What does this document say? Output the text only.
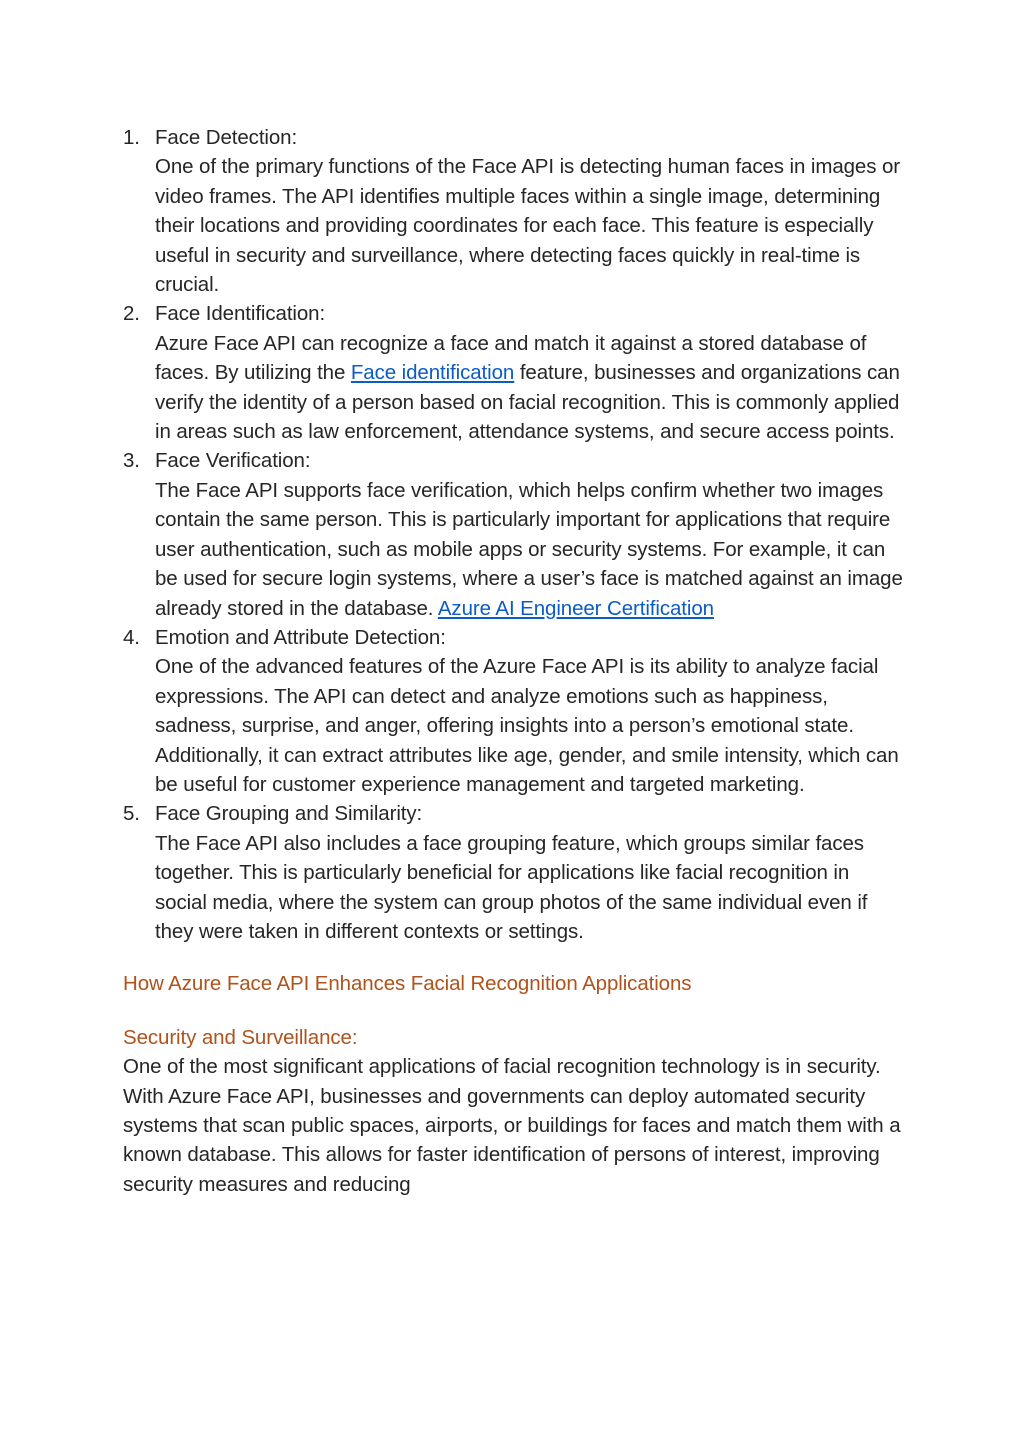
1. Face Detection:
One of the primary functions of the Face API is detecting human faces in images or video frames. The API identifies multiple faces within a single image, determining their locations and providing coordinates for each face. This feature is especially useful in security and surveillance, where detecting faces quickly in real-time is crucial.
2. Face Identification:
Azure Face API can recognize a face and match it against a stored database of faces. By utilizing the Face identification feature, businesses and organizations can verify the identity of a person based on facial recognition. This is commonly applied in areas such as law enforcement, attendance systems, and secure access points.
3. Face Verification:
The Face API supports face verification, which helps confirm whether two images contain the same person. This is particularly important for applications that require user authentication, such as mobile apps or security systems. For example, it can be used for secure login systems, where a user’s face is matched against an image already stored in the database. Azure AI Engineer Certification
4. Emotion and Attribute Detection:
One of the advanced features of the Azure Face API is its ability to analyze facial expressions. The API can detect and analyze emotions such as happiness, sadness, surprise, and anger, offering insights into a person’s emotional state. Additionally, it can extract attributes like age, gender, and smile intensity, which can be useful for customer experience management and targeted marketing.
5. Face Grouping and Similarity:
The Face API also includes a face grouping feature, which groups similar faces together. This is particularly beneficial for applications like facial recognition in social media, where the system can group photos of the same individual even if they were taken in different contexts or settings.
How Azure Face API Enhances Facial Recognition Applications
Security and Surveillance:
One of the most significant applications of facial recognition technology is in security. With Azure Face API, businesses and governments can deploy automated security systems that scan public spaces, airports, or buildings for faces and match them with a known database. This allows for faster identification of persons of interest, improving security measures and reducing
